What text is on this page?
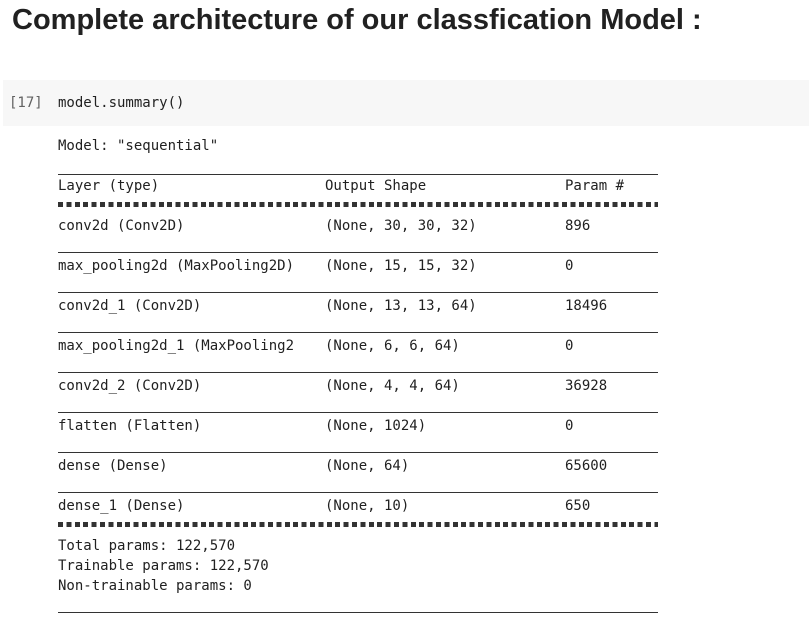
Complete architecture of our classfication Model :
[17] model.summary()
Model: "sequential"
Layer (type)	Output Shape	Param #
conv2d (Conv2D)	(None, 30, 30, 32)	896
max_pooling2d (MaxPooling2D) (None, 15, 15, 32)	0
conv2d_1 (Conv2D)	(None, 13, 13, 64)	18496
max_pooling2d_1 (MaxPooling2 (None, 6, 6, 64)	0
conv2d_2 (Conv2D)	(None, 4, 4, 64)	36928
flatten (Flatten)	(None, 1024)	0
dense (Dense)	(None, 64)	65600
dense_1 (Dense)	(None, 10)	650
Total params: 122,570
Trainable params: 122,570
Non-trainable params: 0
